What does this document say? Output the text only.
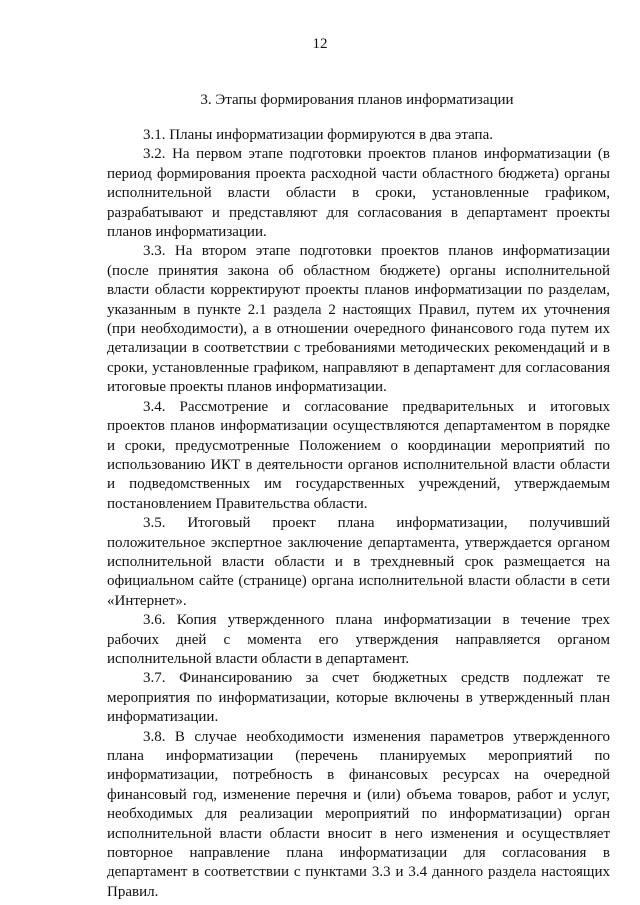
12
3. Этапы формирования планов информатизации

3.1. Планы информатизации формируются в два этапа.

3.2. На первом этапе подготовки проектов планов информатизации (в период формирования проекта расходной части областного бюджета) органы исполнительной власти области в сроки, установленные графиком, разрабатывают и представляют для согласования в департамент проекты планов информатизации.

3.3. На втором этапе подготовки проектов планов информатизации (после принятия закона об областном бюджете) органы исполнительной власти области корректируют проекты планов информатизации по разделам, указанным в пункте 2.1 раздела 2 настоящих Правил, путем их уточнения (при необходимости), а в отношении очередного финансового года путем их детализации в соответствии с требованиями методических рекомендаций и в сроки, установленные графиком, направляют в департамент для согласования итоговые проекты планов информатизации.

3.4. Рассмотрение и согласование предварительных и итоговых проектов планов информатизации осуществляются департаментом в порядке и сроки, предусмотренные Положением о координации мероприятий по использованию ИКТ в деятельности органов исполнительной власти области и подведомственных им государственных учреждений, утверждаемым постановлением Правительства области.

3.5. Итоговый проект плана информатизации, получивший положительное экспертное заключение департамента, утверждается органом исполнительной власти области и в трехдневный срок размещается на официальном сайте (странице) органа исполнительной власти области в сети «Интернет».

3.6. Копия утвержденного плана информатизации в течение трех рабочих дней с момента его утверждения направляется органом исполнительной власти области в департамент.

3.7. Финансированию за счет бюджетных средств подлежат те мероприятия по информатизации, которые включены в утвержденный план информатизации.

3.8. В случае необходимости изменения параметров утвержденного плана информатизации (перечень планируемых мероприятий по информатизации, потребность в финансовых ресурсах на очередной финансовый год, изменение перечня и (или) объема товаров, работ и услуг, необходимых для реализации мероприятий по информатизации) орган исполнительной власти области вносит в него изменения и осуществляет повторное направление плана информатизации для согласования в департамент в соответствии с пунктами 3.3 и 3.4 данного раздела настоящих Правил.
